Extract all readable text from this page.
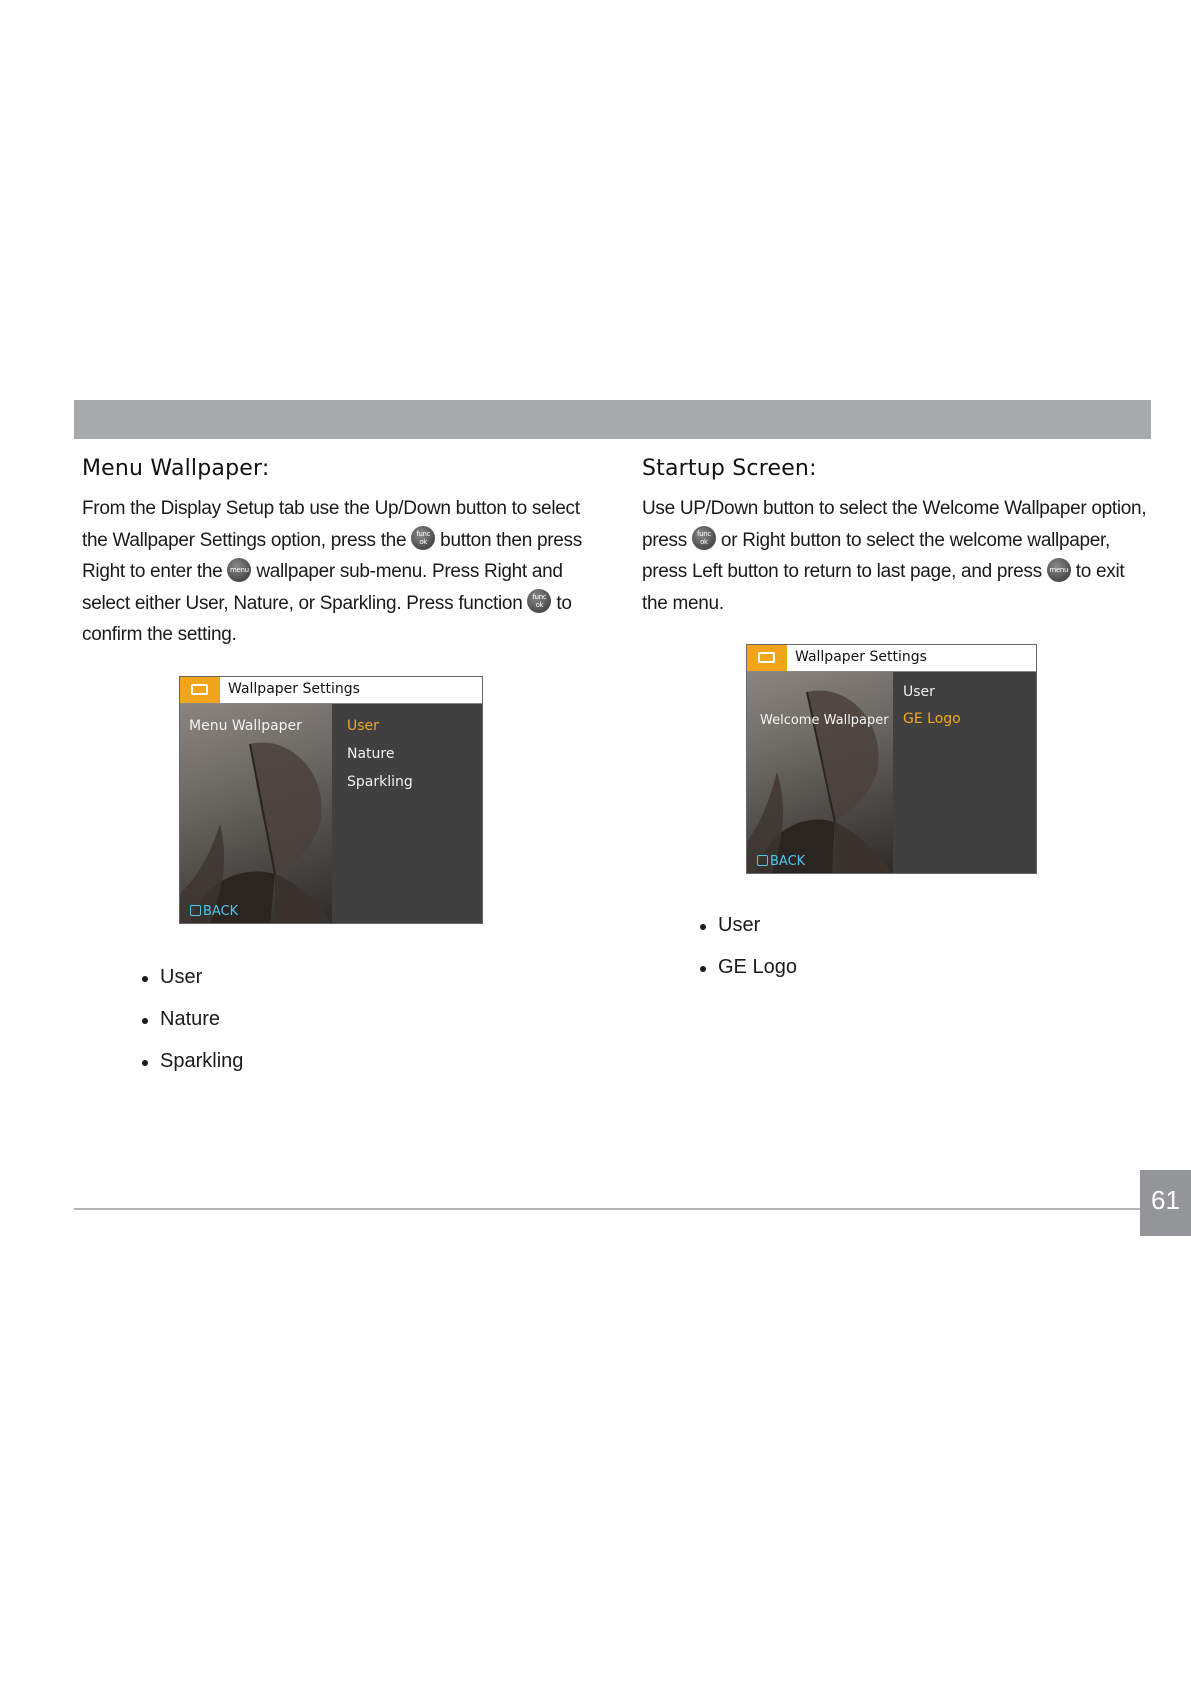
Menu Wallpaper:

From the Display Setup tab use the Up/Down button to select the Wallpaper Settings option, press the func
ok button then press Right to enter the menu wallpaper sub-menu. Press Right and select either User, Nature, or Sparkling. Press function func
ok to confirm the setting.

Wallpaper Settings
Menu Wallpaper
BACK
User
Nature
Sparkling
User
Nature
Sparkling
Startup Screen:

Use UP/Down button to select the Welcome Wallpaper option, press func
ok or Right button to select the welcome wallpaper, press Left button to return to last page, and press menu to exit the menu.

Wallpaper Settings
Welcome Wallpaper
BACK
User
GE Logo
User
GE Logo
61
